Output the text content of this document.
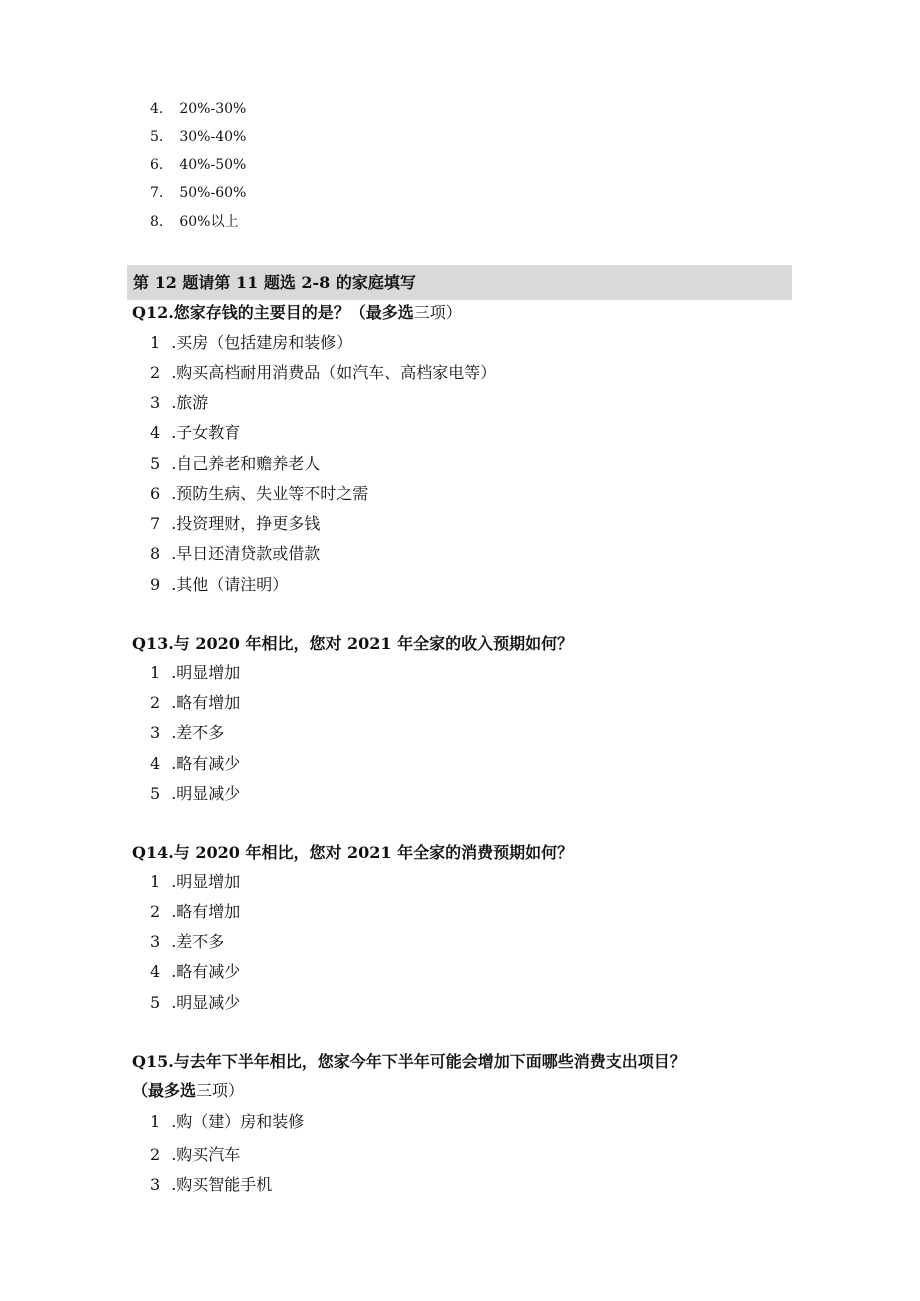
4. 20%-30%
5. 30%-40%
6. 40%-50%
7. 50%-60%
8. 60%以上
第 12 题请第 11 题选 2-8 的家庭填写
Q12.您家存钱的主要目的是？（最多选三项）
1 .买房（包括建房和装修）
2 .购买高档耐用消费品（如汽车、高档家电等）
3 .旅游
4 .子女教育
5 .自己养老和赡养老人
6 .预防生病、失业等不时之需
7 .投资理财，挣更多钱
8 .早日还清贷款或借款
9 .其他（请注明）
Q13.与 2020 年相比，您对 2021 年全家的收入预期如何？
1 .明显增加
2 .略有增加
3 .差不多
4 .略有减少
5 .明显减少
Q14.与 2020 年相比，您对 2021 年全家的消费预期如何？
1 .明显增加
2 .略有增加
3 .差不多
4 .略有减少
5 .明显减少
Q15.与去年下半年相比，您家今年下半年可能会增加下面哪些消费支出项目？
（最多选三项）
1 .购（建）房和装修
2 .购买汽车
3 .购买智能手机
